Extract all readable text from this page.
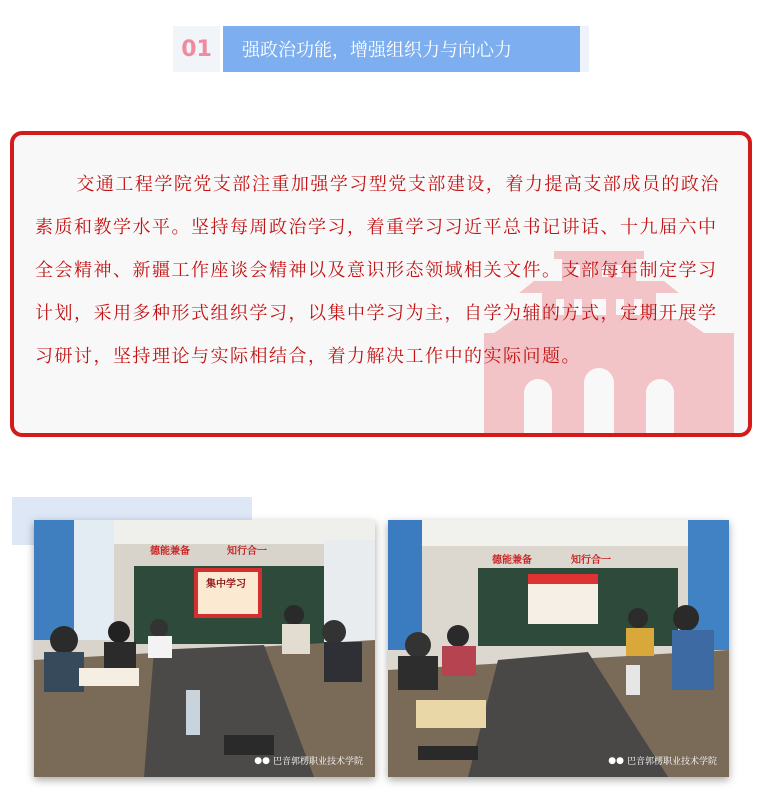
01	强政治功能，增强组织力与向心力
交通工程学院党支部注重加强学习型党支部建设，着力提高支部成员的政治素质和教学水平。坚持每周政治学习，着重学习习近平总书记讲话、十九届六中全会精神、新疆工作座谈会精神以及意识形态领域相关文件。支部每年制定学习计划，采用多种形式组织学习，以集中学习为主，自学为辅的方式，定期开展学习研讨，坚持理论与实际相结合，着力解决工作中的实际问题。
德能兼备	知行合一
集中学习
●● 巴音郭楞职业技术学院
德能兼备	知行合一
●● 巴音郭楞职业技术学院
